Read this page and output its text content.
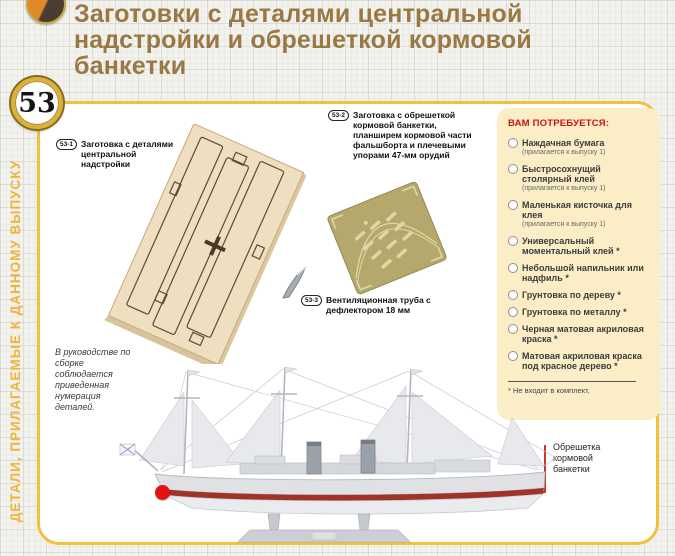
Заготовки с деталями центральной
надстройки и обрешеткой кормовой
банкетки
53
ДЕТАЛИ, ПРИЛАГАЕМЫЕ К ДАННОМУ ВЫПУСКУ
53-1 Заготовка с деталями центральной надстройки
53-2 Заготовка с обрешеткой кормовой банкетки, планширем кормовой части фальшборта и плечевыми упорами 47-мм орудий
53-3 Вентиляционная труба с дефлектором 18 мм
В руководстве по сборке соблюдается приведенная нумерация деталей.
ВАМ ПОТРЕБУЕТСЯ:
Наждачная бумага
(прилагается к выпуску 1)
Быстросохнущий столярный клей
(прилагается к выпуску 1)
Маленькая кисточка для клея
(прилагается к выпуску 1)
Универсальный моментальный клей *
Небольшой напильник или надфиль *
Грунтовка по дереву *
Грунтовка по металлу *
Черная матовая акриловая краска *
Матовая акриловая краска под красное дерево *
* Не входит в комплект.
Обрешетка кормовой банкетки
